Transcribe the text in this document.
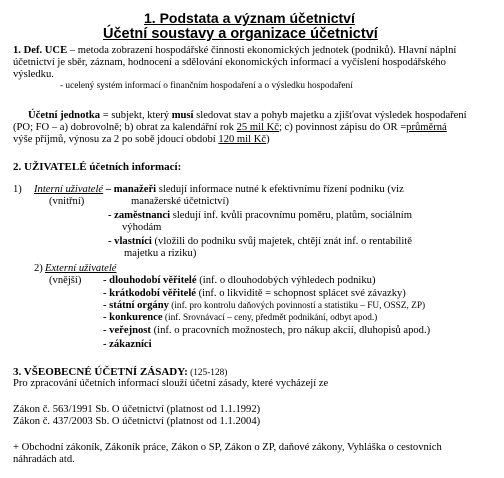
1. Podstata a význam účetnictví
Účetní soustavy a organizace účetnictví
1. Def. UCE – metoda zobrazení hospodářské činnosti ekonomických jednotek (podniků). Hlavní náplní
účetnictví je sběr, záznam, hodnocení a sdělování ekonomických informací a vyčíslení hospodářského
výsledku.
- ucelený systém informací o finančním hospodaření a o výsledku hospodaření
Účetní jednotka = subjekt, který musí sledovat stav a pohyb majetku a zjišťovat výsledek hospodaření
(PO; FO – a) dobrovolně; b) obrat za kalendářní rok 25 mil Kč; c) povinnost zápisu do OR =průměrná
výše příjmů, výnosu za 2 po sobě jdoucí období 120 mil Kč)
2. UŽIVATELÉ účetních informací:
1) Interní uživatelé – manažeři sledují informace nutné k efektivnímu řízení podniku (viz
(vnitřní)	manažerské účetnictví)
- zaměstnanci sledují inf. kvůli pracovnímu poměru, platům, sociálním
výhodám
- vlastníci (vložili do podniku svůj majetek, chtějí znát inf. o rentabilitě
majetku a riziku)
2) Externí uživatelé
(vnější) - dlouhodobí věřitelé (inf. o dlouhodobých výhledech podniku)
- krátkodobí věřitelé (inf. o likviditě = schopnost splácet své závazky)
- státní orgány (inf. pro kontrolu daňových povinností a statistiku – FU, OSSZ, ZP)
- konkurence (inf. Srovnávací – ceny, předmět podnikání, odbyt apod.)
- veřejnost (inf. o pracovních možnostech, pro nákup akcií, dluhopisů apod.)
- zákazníci
3. VŠEOBECNÉ ÚČETNÍ ZÁSADY: (125-128)
Pro zpracování účetních informací slouží účetní zásady, které vycházejí ze
Zákon č. 563/1991 Sb. O účetnictví (platnost od 1.1.1992)
Zákon č. 437/2003 Sb. O účetnictví (platnost od 1.1.2004)
+ Obchodní zákoník, Zákoník práce, Zákon o SP, Zákon o ZP, daňové zákony, Vyhláška o cestovních
náhradách atd.
